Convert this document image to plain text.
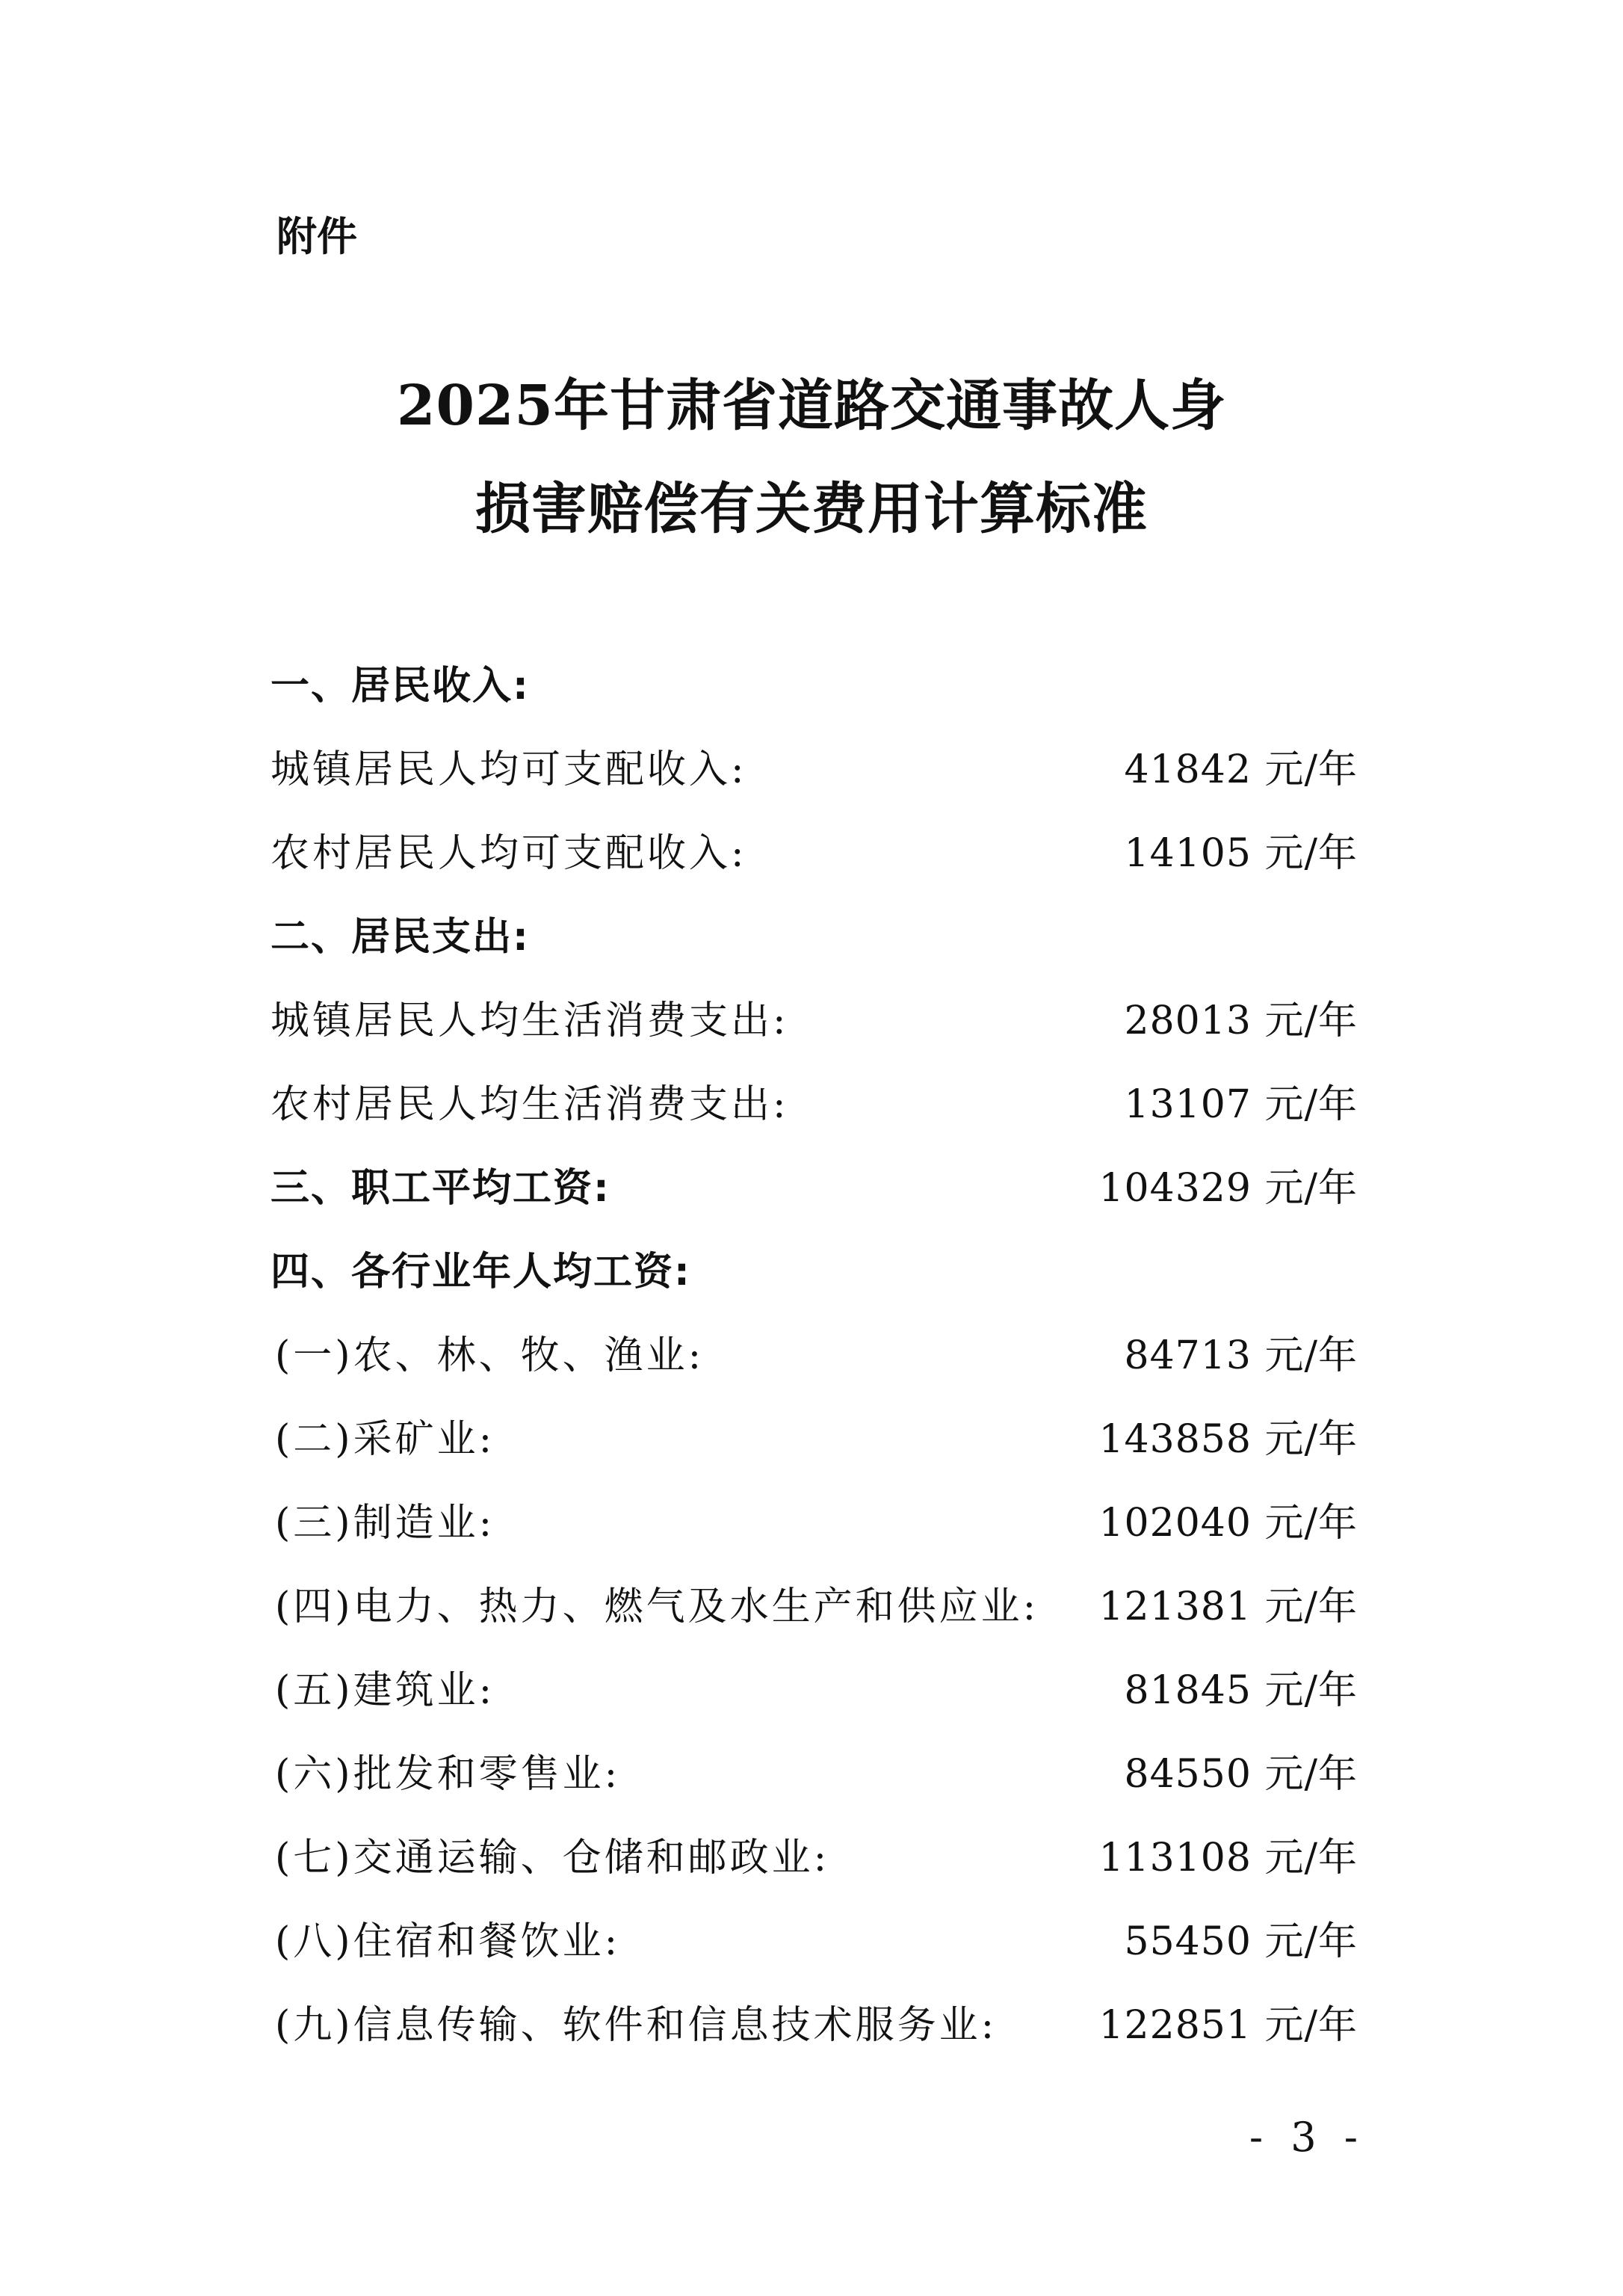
附件
2025年甘肃省道路交通事故人身
损害赔偿有关费用计算标准
一、居民收入:
城镇居民人均可支配收入:	41842 元/年
农村居民人均可支配收入:	14105 元/年
二、居民支出:
城镇居民人均生活消费支出:	28013 元/年
农村居民人均生活消费支出:	13107 元/年
三、职工平均工资:	104329 元/年
四、各行业年人均工资:
(一)农、林、牧、渔业:	84713 元/年
(二)采矿业:	143858 元/年
(三)制造业:	102040 元/年
(四)电力、热力、燃气及水生产和供应业: 121381 元/年
(五)建筑业:	81845 元/年
(六)批发和零售业:	84550 元/年
(七)交通运输、仓储和邮政业:	113108 元/年
(八)住宿和餐饮业:	55450 元/年
(九)信息传输、软件和信息技术服务业:	122851 元/年
- 3 -
